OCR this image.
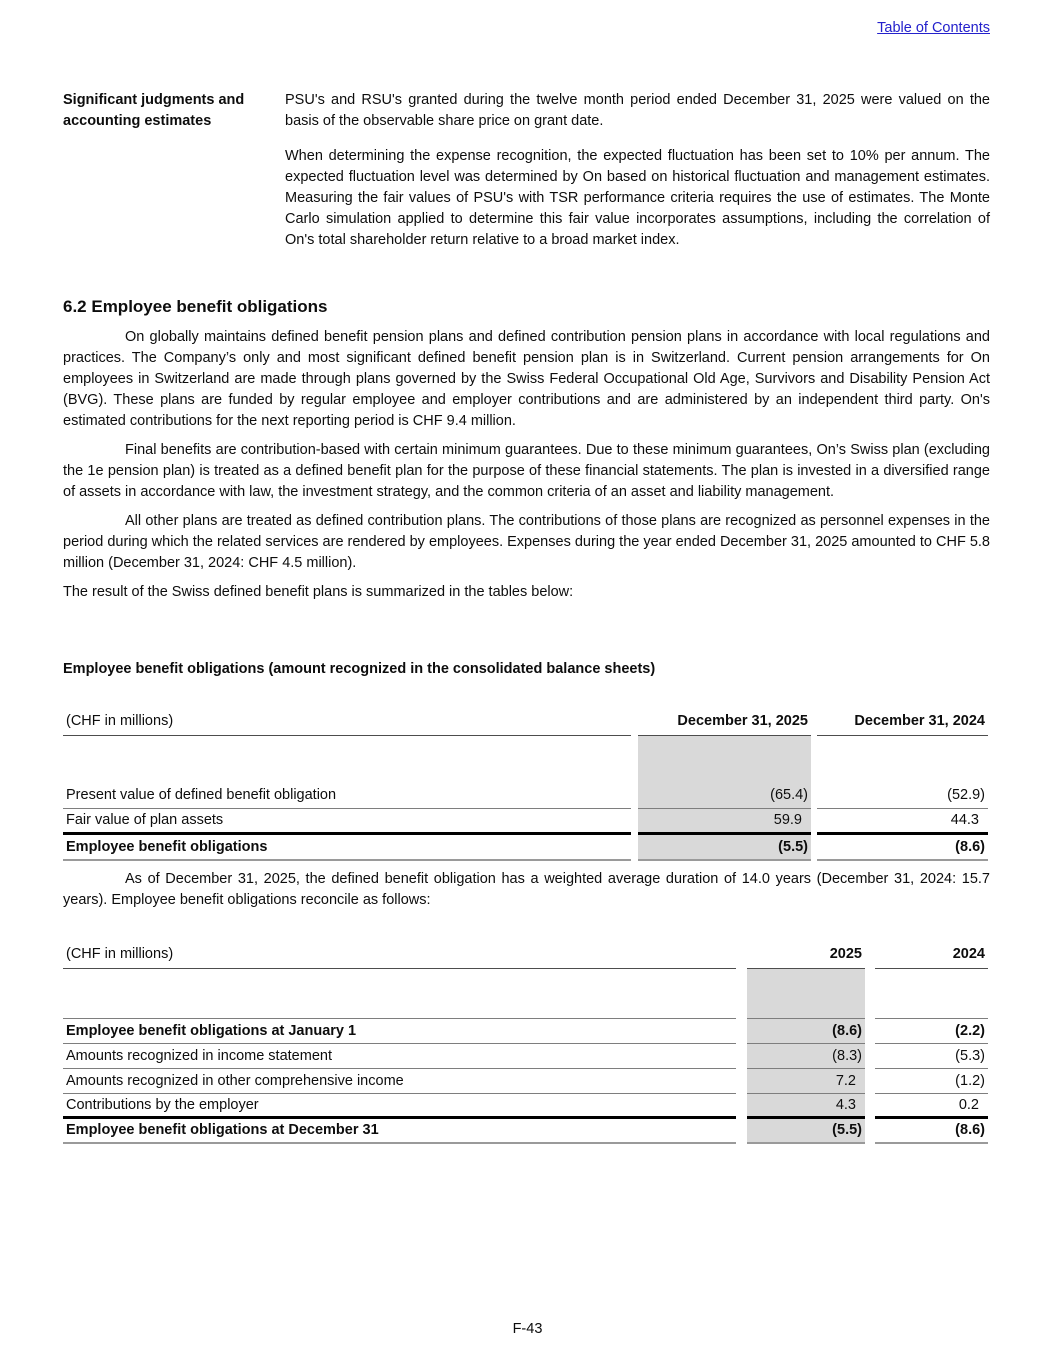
Table of Contents
Significant judgments and accounting estimates

PSU's and RSU's granted during the twelve month period ended December 31, 2025 were valued on the basis of the observable share price on grant date.

When determining the expense recognition, the expected fluctuation has been set to 10% per annum. The expected fluctuation level was determined by On based on historical fluctuation and management estimates. Measuring the fair values of PSU's with TSR performance criteria requires the use of estimates. The Monte Carlo simulation applied to determine this fair value incorporates assumptions, including the correlation of On's total shareholder return relative to a broad market index.

6.2 Employee benefit obligations

On globally maintains defined benefit pension plans and defined contribution pension plans in accordance with local regulations and practices. The Company’s only and most significant defined benefit pension plan is in Switzerland. Current pension arrangements for On employees in Switzerland are made through plans governed by the Swiss Federal Occupational Old Age, Survivors and Disability Pension Act (BVG). These plans are funded by regular employee and employer contributions and are administered by an independent third party. On's estimated contributions for the next reporting period is CHF 9.4 million.

Final benefits are contribution-based with certain minimum guarantees. Due to these minimum guarantees, On’s Swiss plan (excluding the 1e pension plan) is treated as a defined benefit plan for the purpose of these financial statements. The plan is invested in a diversified range of assets in accordance with law, the investment strategy, and the common criteria of an asset and liability management.

All other plans are treated as defined contribution plans. The contributions of those plans are recognized as personnel expenses in the period during which the related services are rendered by employees. Expenses during the year ended December 31, 2025 amounted to CHF 5.8 million (December 31, 2024: CHF 4.5 million).

The result of the Swiss defined benefit plans is summarized in the tables below:

Employee benefit obligations (amount recognized in the consolidated balance sheets)

(CHF in millions)	December 31, 2025	December 31, 2024
Present value of defined benefit obligation	(65.4)	(52.9)
Fair value of plan assets	59.9	44.3
Employee benefit obligations	(5.5)	(8.6)

As of December 31, 2025, the defined benefit obligation has a weighted average duration of 14.0 years (December 31, 2024: 15.7 years). Employee benefit obligations reconcile as follows:

(CHF in millions)	2025	2024
Employee benefit obligations at January 1	(8.6)	(2.2)
Amounts recognized in income statement	(8.3)	(5.3)
Amounts recognized in other comprehensive income	7.2	(1.2)
Contributions by the employer	4.3	0.2
Employee benefit obligations at December 31	(5.5)	(8.6)
F-43
